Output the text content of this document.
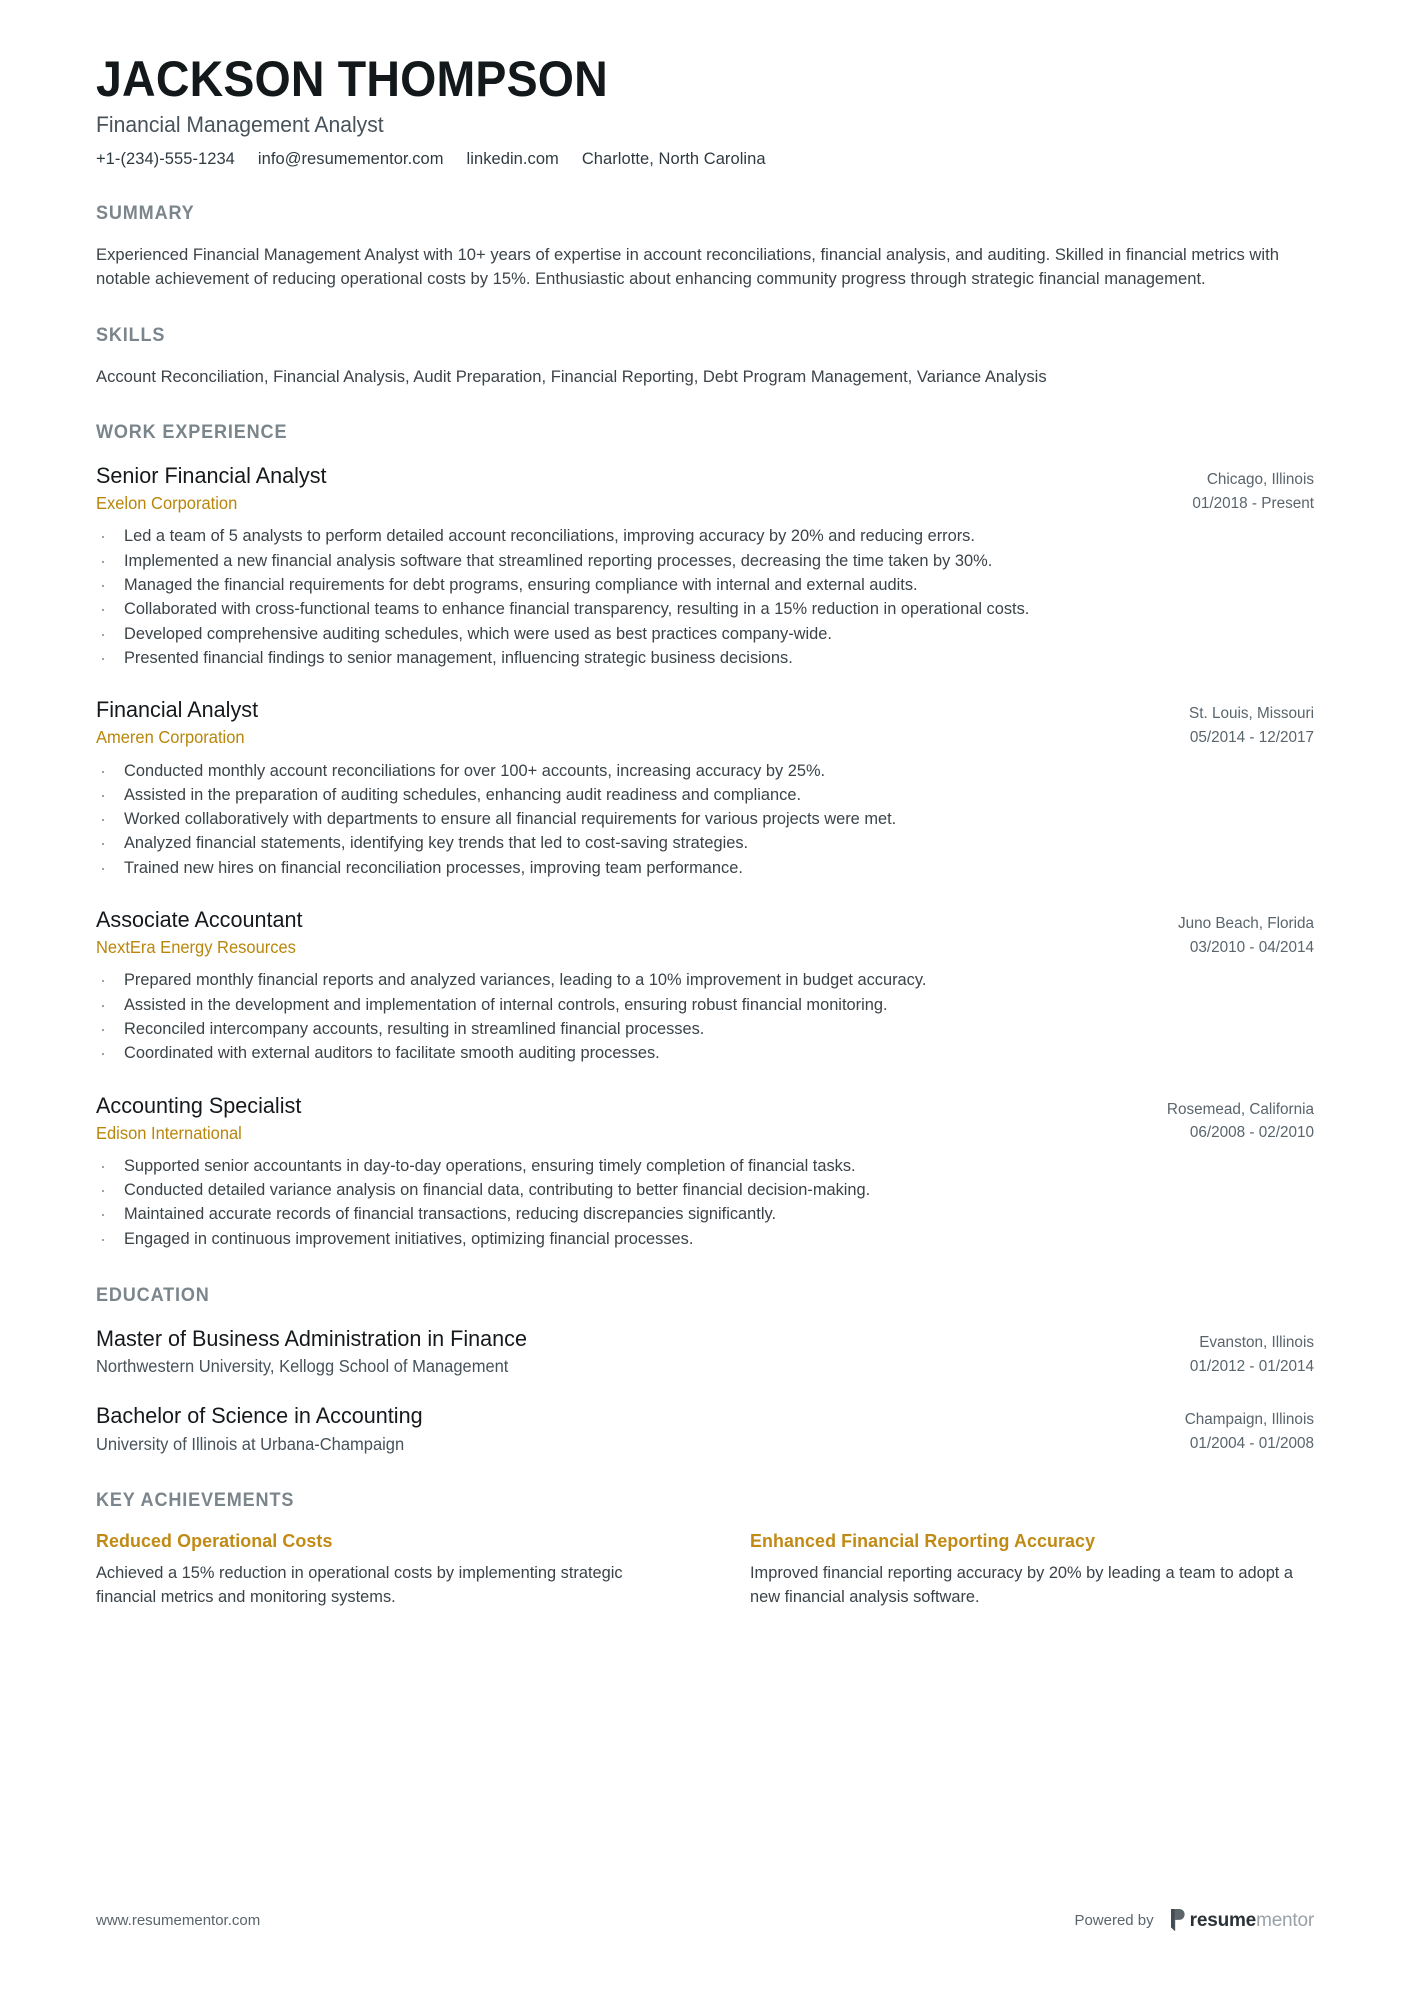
JACKSON THOMPSON
Financial Management Analyst
+1-(234)-555-1234 info@resumementor.com linkedin.com Charlotte, North Carolina
SUMMARY
Experienced Financial Management Analyst with 10+ years of expertise in account reconciliations, financial analysis, and auditing. Skilled in financial metrics with notable achievement of reducing operational costs by 15%. Enthusiastic about enhancing community progress through strategic financial management.
SKILLS
Account Reconciliation, Financial Analysis, Audit Preparation, Financial Reporting, Debt Program Management, Variance Analysis
WORK EXPERIENCE
Senior Financial Analyst
Exelon Corporation
Chicago, Illinois
01/2018 - Present
· Led a team of 5 analysts to perform detailed account reconciliations, improving accuracy by 20% and reducing errors.
· Implemented a new financial analysis software that streamlined reporting processes, decreasing the time taken by 30%.
· Managed the financial requirements for debt programs, ensuring compliance with internal and external audits.
· Collaborated with cross-functional teams to enhance financial transparency, resulting in a 15% reduction in operational costs.
· Developed comprehensive auditing schedules, which were used as best practices company-wide.
· Presented financial findings to senior management, influencing strategic business decisions.
Financial Analyst
Ameren Corporation
St. Louis, Missouri
05/2014 - 12/2017
· Conducted monthly account reconciliations for over 100+ accounts, increasing accuracy by 25%.
· Assisted in the preparation of auditing schedules, enhancing audit readiness and compliance.
· Worked collaboratively with departments to ensure all financial requirements for various projects were met.
· Analyzed financial statements, identifying key trends that led to cost-saving strategies.
· Trained new hires on financial reconciliation processes, improving team performance.
Associate Accountant
NextEra Energy Resources
Juno Beach, Florida
03/2010 - 04/2014
· Prepared monthly financial reports and analyzed variances, leading to a 10% improvement in budget accuracy.
· Assisted in the development and implementation of internal controls, ensuring robust financial monitoring.
· Reconciled intercompany accounts, resulting in streamlined financial processes.
· Coordinated with external auditors to facilitate smooth auditing processes.
Accounting Specialist
Edison International
Rosemead, California
06/2008 - 02/2010
· Supported senior accountants in day-to-day operations, ensuring timely completion of financial tasks.
· Conducted detailed variance analysis on financial data, contributing to better financial decision-making.
· Maintained accurate records of financial transactions, reducing discrepancies significantly.
· Engaged in continuous improvement initiatives, optimizing financial processes.
EDUCATION
Master of Business Administration in Finance
Northwestern University, Kellogg School of Management
Evanston, Illinois
01/2012 - 01/2014
Bachelor of Science in Accounting
University of Illinois at Urbana-Champaign
Champaign, Illinois
01/2004 - 01/2008
KEY ACHIEVEMENTS
Reduced Operational Costs
Achieved a 15% reduction in operational costs by implementing strategic financial metrics and monitoring systems.
Enhanced Financial Reporting Accuracy
Improved financial reporting accuracy by 20% by leading a team to adopt a new financial analysis software.
www.resumementor.com	Powered by resumementor
